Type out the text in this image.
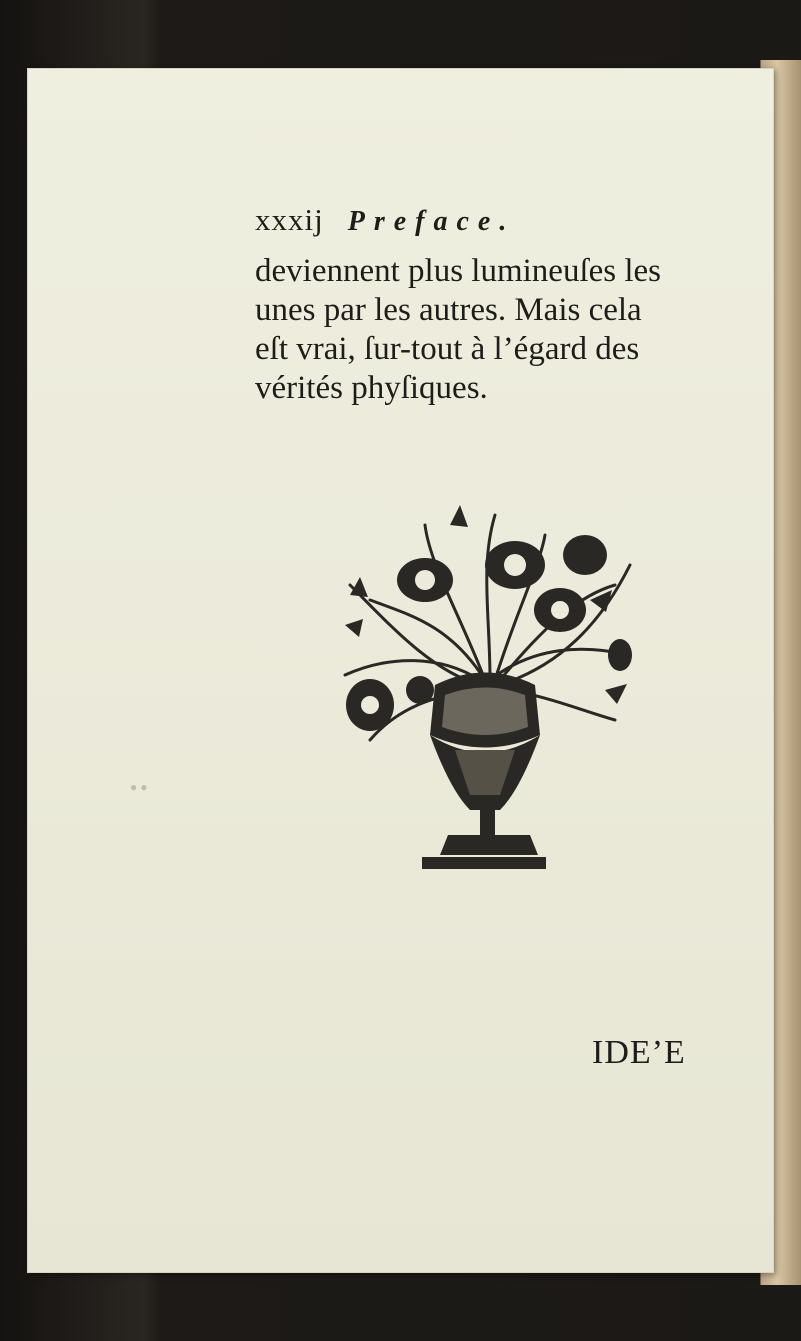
xxxij Preface.

deviennent plus lumineuſes les

unes par les autres. Mais cela

eſt vrai, ſur-tout à l’égard des

vérités phyſiques.

● ●
IDE’E
